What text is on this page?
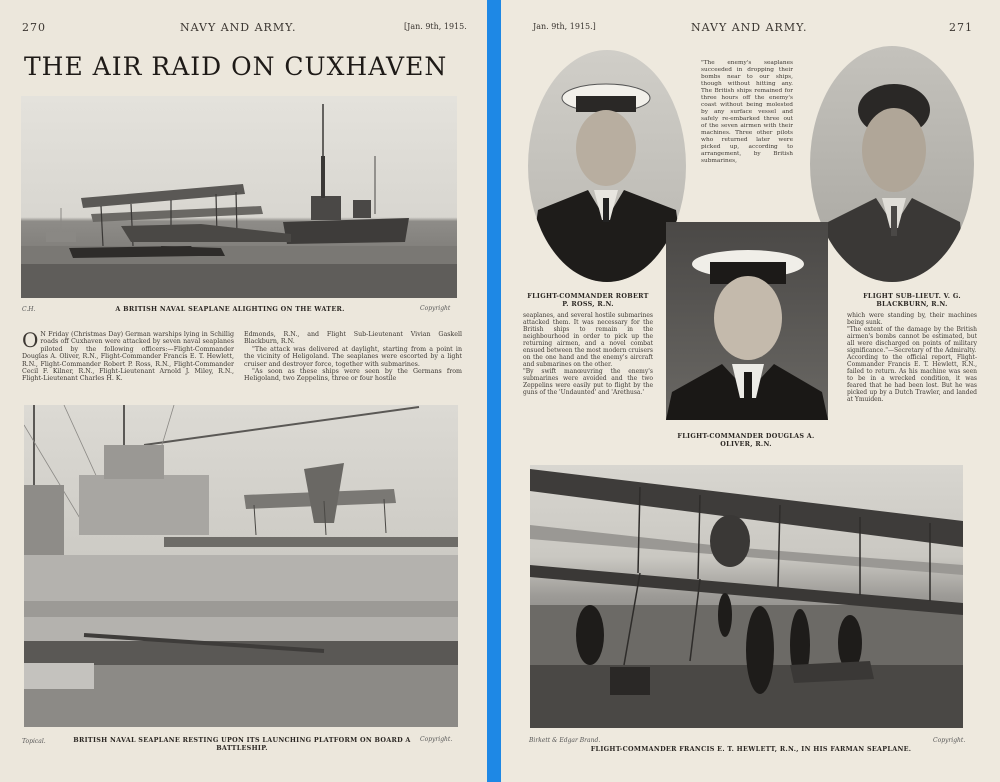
270	NAVY AND ARMY.	[Jan. 9th, 1915.
THE AIR RAID ON CUXHAVEN
C.H.	A BRITISH NAVAL SEAPLANE ALIGHTING ON THE WATER.	Copyright
O N Friday (Christmas Day) German warships lying in Schillig roads off Cuxhaven were attacked by seven naval seaplanes piloted by the following officers:—Flight-Commander Douglas A. Oliver, R.N., Flight-Commander Francis E. T. Hewlett, R.N., Flight-Commander Robert P. Ross, R.N., Flight-Commander Cecil F. Kilner, R.N., Flight-Lieutenant Arnold J. Miley, R.N., Flight-Lieutenant Charles H. K.
Edmonds, R.N., and Flight Sub-Lieutenant Vivian Gaskell Blackburn, R.N.
"The attack was delivered at daylight, starting from a point in the vicinity of Heligoland. The seaplanes were escorted by a light cruiser and destroyer force, together with submarines.
"As soon as these ships were seen by the Germans from Heligoland, two Zeppelins, three or four hostile
Topical.	BRITISH NAVAL SEAPLANE RESTING UPON ITS LAUNCHING PLATFORM ON BOARD A BATTLESHIP.
Copyright.
Jan. 9th, 1915.]	NAVY AND ARMY.	271
"The enemy's seaplanes succeeded in dropping their bombs near to our ships, though without hitting any. The British ships remained for three hours off the enemy's coast without being molested by any surface vessel and safely re-embarked three out of the seven airmen with their machines. Three other pilots who returned later were picked up, according to arrangement, by British submarines,
FLIGHT-COMMANDER ROBERT P. ROSS, R.N.
seaplanes, and several hostile submarines attacked them. It was necessary for the British ships to remain in the neighbourhood in order to pick up the returning airmen, and a novel combat ensued between the most modern cruisers on the one hand and the enemy's aircraft and submarines on the other.
"By swift manœuvring the enemy's submarines were avoided and the two Zeppelins were easily put to flight by the guns of the 'Undaunted' and 'Arethusa.'
FLIGHT-COMMANDER DOUGLAS A. OLIVER, R.N.
FLIGHT SUB-LIEUT. V. G. BLACKBURN, R.N.
which were standing by, their machines being sunk.
"The extent of the damage by the British airmen's bombs cannot be estimated, but all were discharged on points of military significance."—Secretary of the Admiralty.
According to the official report, Flight-Commander Francis E. T. Hewlett, R.N., failed to return. As his machine was seen to be in a wrecked condition, it was feared that he had been lost. But he was picked up by a Dutch Trawler, and landed at Ymuiden.
Birkett & Edgar Brand.	Copyright.
FLIGHT-COMMANDER FRANCIS E. T. HEWLETT, R.N., IN HIS FARMAN SEAPLANE.
